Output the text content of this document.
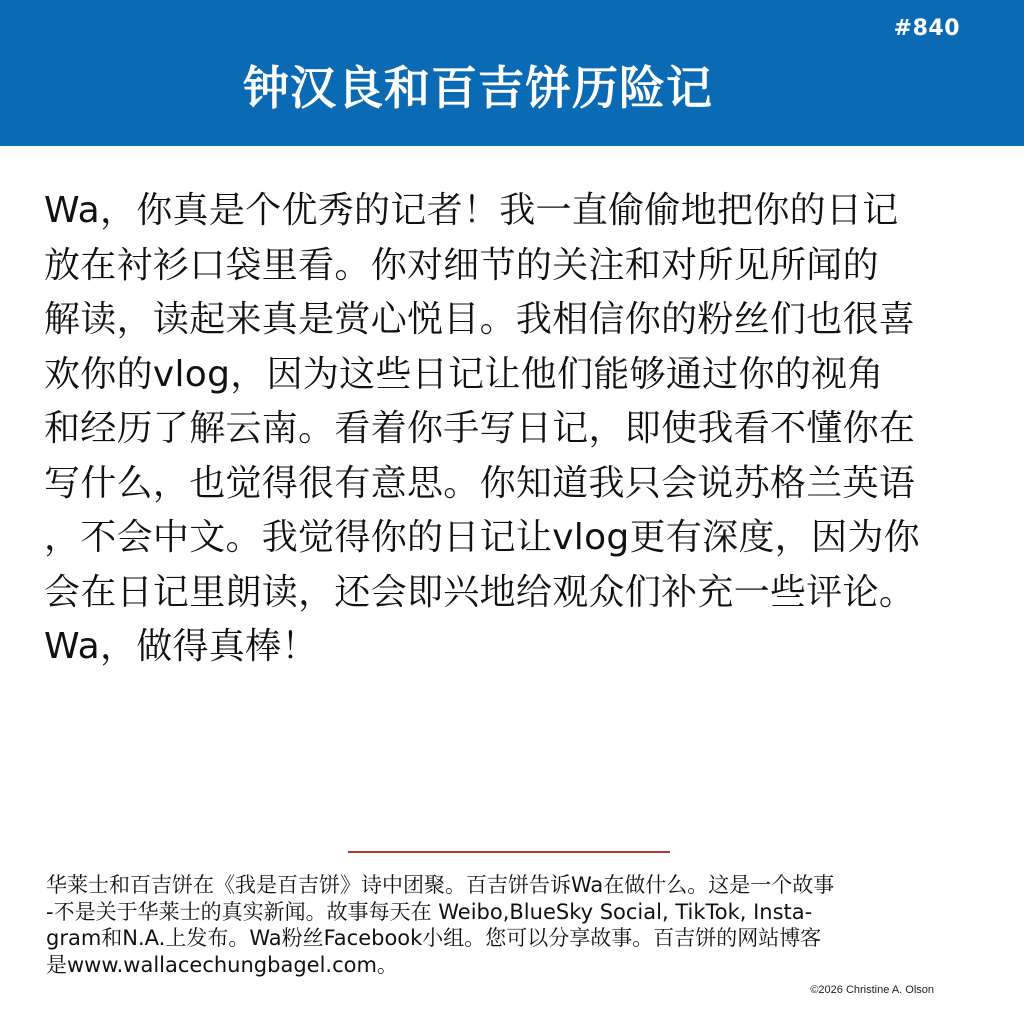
#840
钟汉良和百吉饼历险记

Wa，你真是个优秀的记者！我一直偷偷地把你的日记
放在衬衫口袋里看。你对细节的关注和对所见所闻的
解读，读起来真是赏心悦目。我相信你的粉丝们也很喜
欢你的vlog，因为这些日记让他们能够通过你的视角
和经历了解云南。看着你手写日记，即使我看不懂你在
写什么，也觉得很有意思。你知道我只会说苏格兰英语
，不会中文。我觉得你的日记让vlog更有深度，因为你
会在日记里朗读，还会即兴地给观众们补充一些评论。
Wa，做得真棒！

华莱士和百吉饼在《我是百吉饼》诗中团聚。百吉饼告诉Wa在做什么。这是一个故事
-不是关于华莱士的真实新闻。故事每天在 Weibo,BlueSky Social, TikTok, Insta-
gram和N.A.上发布。Wa粉丝Facebook小组。您可以分享故事。百吉饼的网站博客
是www.wallacechungbagel.com。

©2026 Christine A. Olson
